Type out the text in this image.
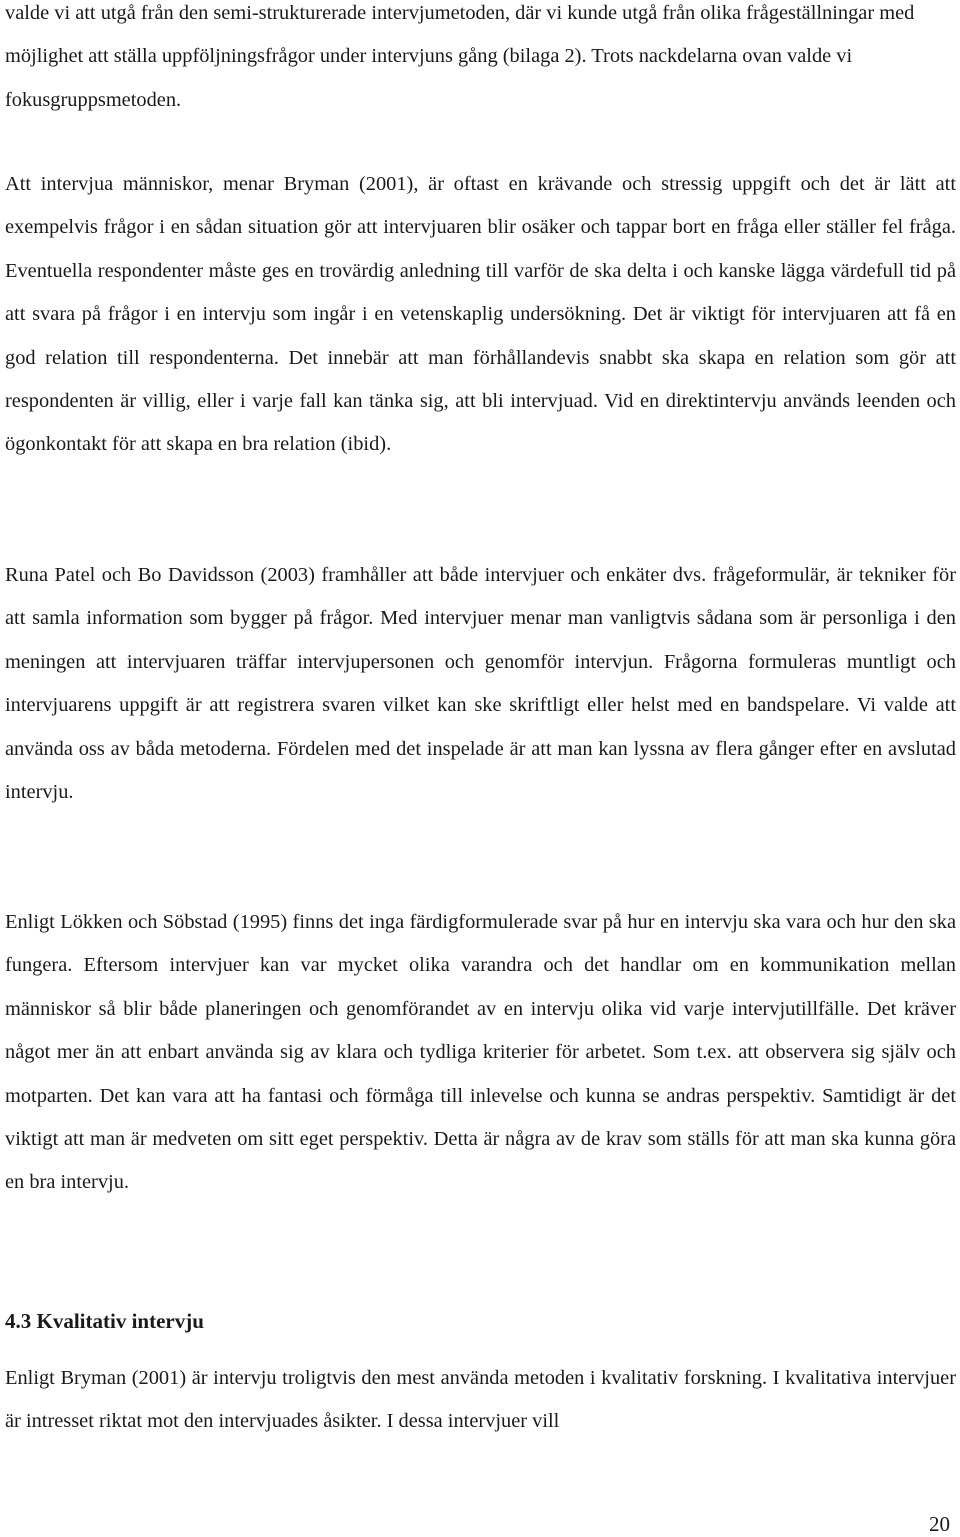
valde vi att utgå från den semi-strukturerade intervjumetoden, där vi kunde utgå från olika frågeställningar med möjlighet att ställa uppföljningsfrågor under intervjuns gång (bilaga 2). Trots nackdelarna ovan valde vi fokusgruppsmetoden.

Att intervjua människor, menar Bryman (2001), är oftast en krävande och stressig uppgift och det är lätt att exempelvis frågor i en sådan situation gör att intervjuaren blir osäker och tappar bort en fråga eller ställer fel fråga. Eventuella respondenter måste ges en trovärdig anledning till varför de ska delta i och kanske lägga värdefull tid på att svara på frågor i en intervju som ingår i en vetenskaplig undersökning. Det är viktigt för intervjuaren att få en god relation till respondenterna. Det innebär att man förhållandevis snabbt ska skapa en relation som gör att respondenten är villig, eller i varje fall kan tänka sig, att bli intervjuad. Vid en direktintervju används leenden och ögonkontakt för att skapa en bra relation (ibid).

Runa Patel och Bo Davidsson (2003) framhåller att både intervjuer och enkäter dvs. frågeformulär, är tekniker för att samla information som bygger på frågor. Med intervjuer menar man vanligtvis sådana som är personliga i den meningen att intervjuaren träffar intervjupersonen och genomför intervjun. Frågorna formuleras muntligt och intervjuarens uppgift är att registrera svaren vilket kan ske skriftligt eller helst med en bandspelare. Vi valde att använda oss av båda metoderna. Fördelen med det inspelade är att man kan lyssna av flera gånger efter en avslutad intervju.

Enligt Lökken och Söbstad (1995) finns det inga färdigformulerade svar på hur en intervju ska vara och hur den ska fungera. Eftersom intervjuer kan var mycket olika varandra och det handlar om en kommunikation mellan människor så blir både planeringen och genomförandet av en intervju olika vid varje intervjutillfälle. Det kräver något mer än att enbart använda sig av klara och tydliga kriterier för arbetet. Som t.ex. att observera sig själv och motparten. Det kan vara att ha fantasi och förmåga till inlevelse och kunna se andras perspektiv. Samtidigt är det viktigt att man är medveten om sitt eget perspektiv. Detta är några av de krav som ställs för att man ska kunna göra en bra intervju.

4.3 Kvalitativ intervju

Enligt Bryman (2001) är intervju troligtvis den mest använda metoden i kvalitativ forskning. I kvalitativa intervjuer är intresset riktat mot den intervjuades åsikter. I dessa intervjuer vill

20
